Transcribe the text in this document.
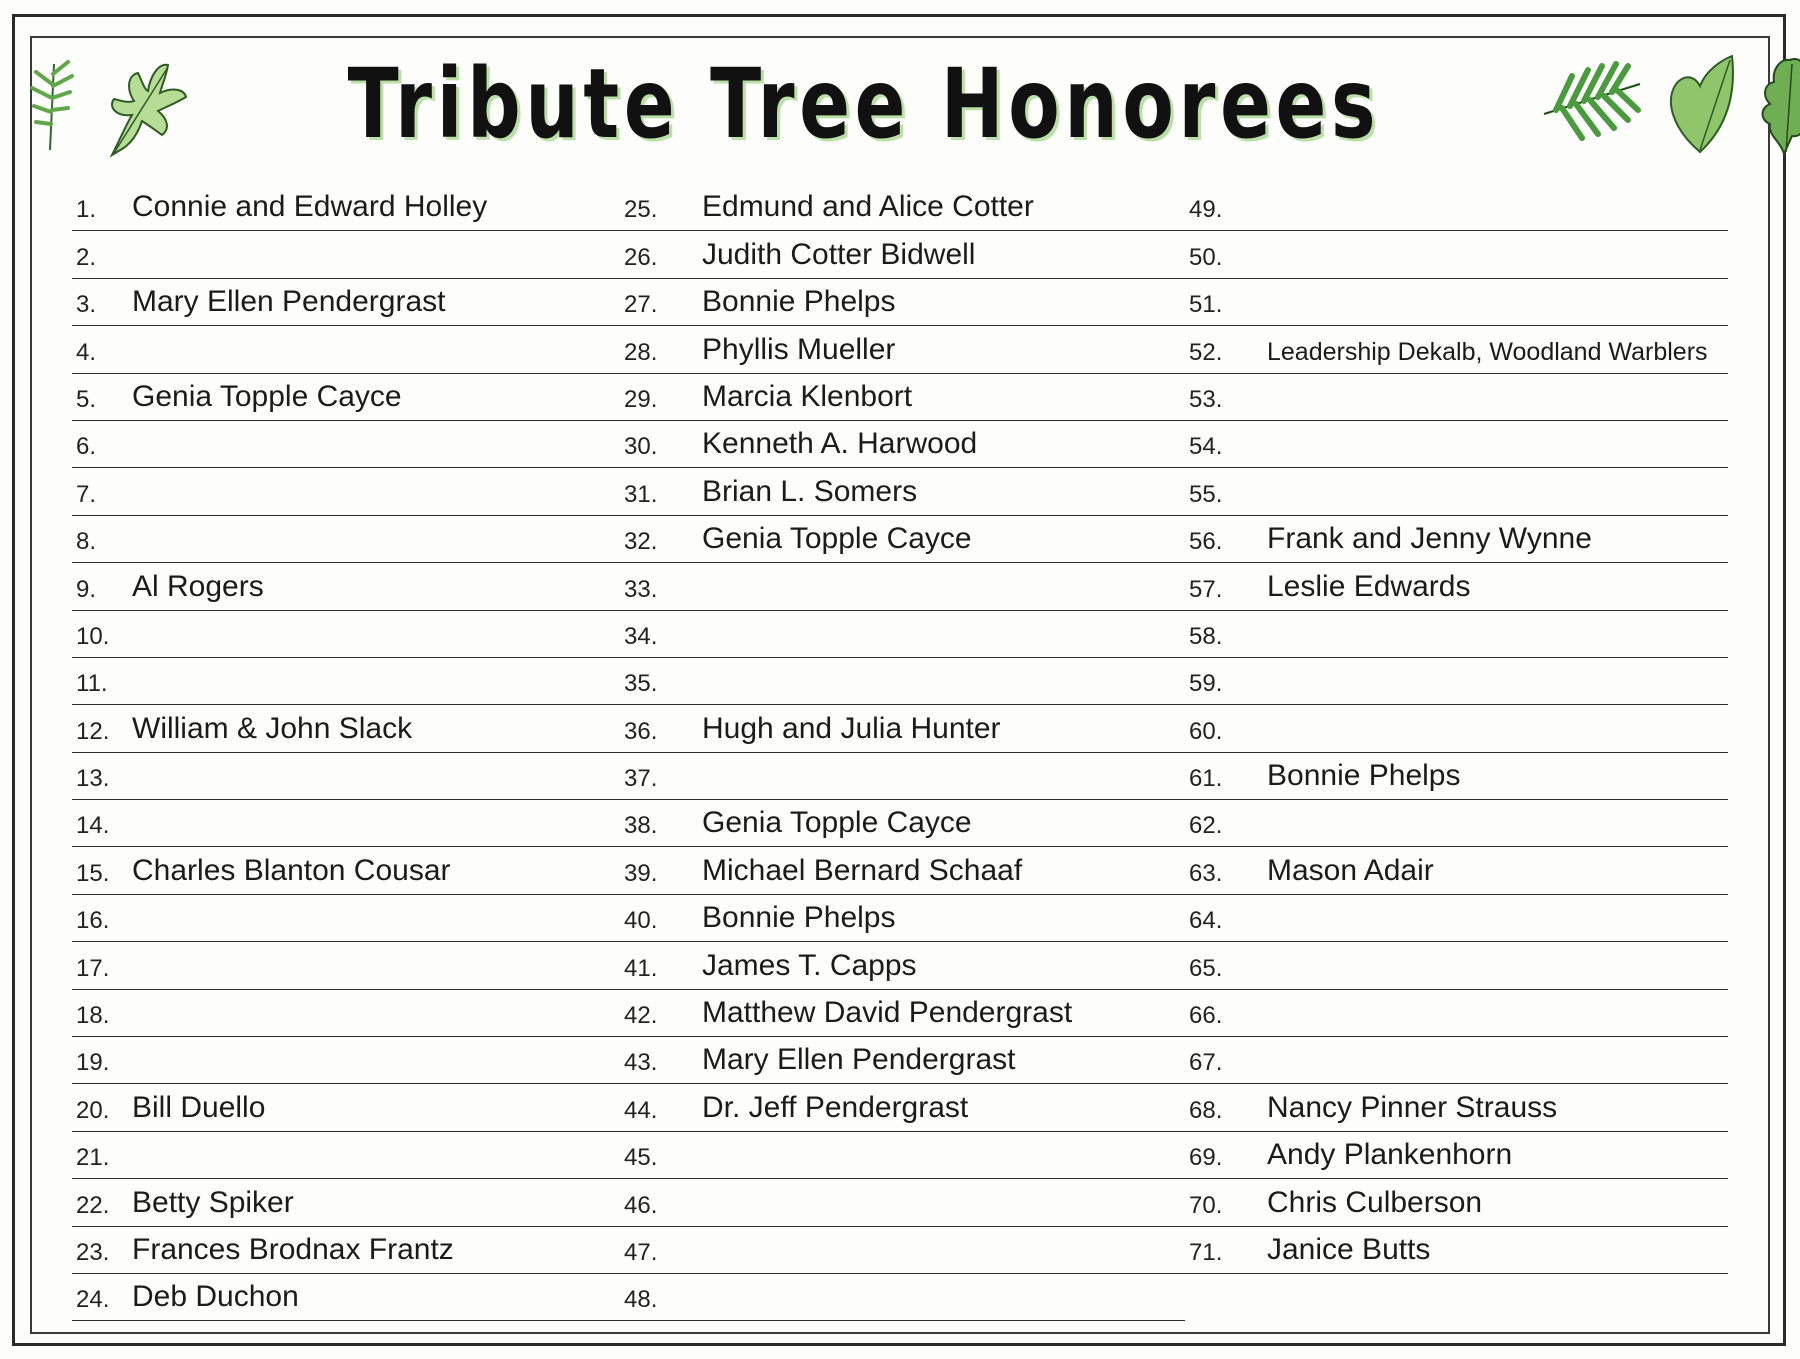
Tribute Tree Honorees
1.	Connie and Edward Holley
2.
3.	Mary Ellen Pendergrast
4.
5.	Genia Topple Cayce
6.
7.
8.
9.	Al Rogers
10.
11.
12. William & John Slack
13.
14.
15. Charles Blanton Cousar
16.
17.
18.
19.
20. Bill Duello
21.
22. Betty Spiker
23. Frances Brodnax Frantz
24. Deb Duchon
25.	Edmund and Alice Cotter
26.	Judith Cotter Bidwell
27.	Bonnie Phelps
28.	Phyllis Mueller
29.	Marcia Klenbort
30.	Kenneth A. Harwood
31.	Brian L. Somers
32.	Genia Topple Cayce
33.
34.
35.
36.	Hugh and Julia Hunter
37.
38.	Genia Topple Cayce
39.	Michael Bernard Schaaf
40.	Bonnie Phelps
41.	James T. Capps
42.	Matthew David Pendergrast
43.	Mary Ellen Pendergrast
44.	Dr. Jeff Pendergrast
45.
46.
47.
48.
49.
50.
51.
52.	Leadership Dekalb, Woodland Warblers
53.
54.
55.
56.	Frank and Jenny Wynne
57.	Leslie Edwards
58.
59.
60.
61.	Bonnie Phelps
62.
63.	Mason Adair
64.
65.
66.
67.
68.	Nancy Pinner Strauss
69.	Andy Plankenhorn
70.	Chris Culberson
71.	Janice Butts
